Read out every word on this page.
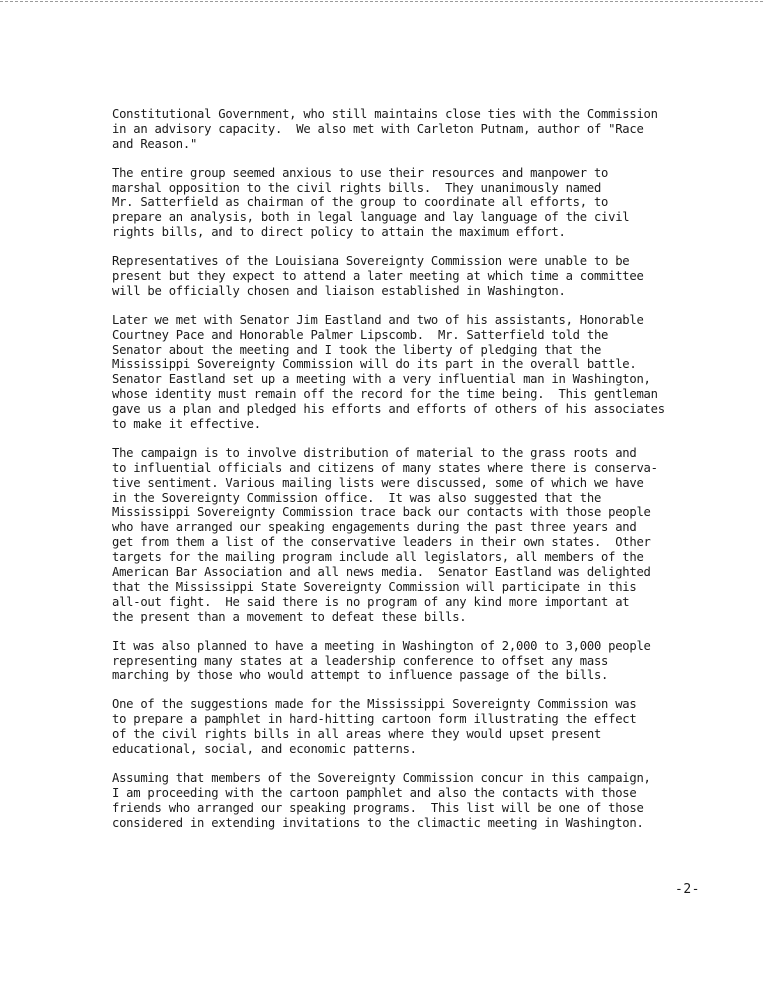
Constitutional Government, who still maintains close ties with the Commission
in an advisory capacity.  We also met with Carleton Putnam, author of "Race
and Reason."
The entire group seemed anxious to use their resources and manpower to
marshal opposition to the civil rights bills.  They unanimously named
Mr. Satterfield as chairman of the group to coordinate all efforts, to
prepare an analysis, both in legal language and lay language of the civil
rights bills, and to direct policy to attain the maximum effort.
Representatives of the Louisiana Sovereignty Commission were unable to be
present but they expect to attend a later meeting at which time a committee
will be officially chosen and liaison established in Washington.
Later we met with Senator Jim Eastland and two of his assistants, Honorable
Courtney Pace and Honorable Palmer Lipscomb.  Mr. Satterfield told the
Senator about the meeting and I took the liberty of pledging that the
Mississippi Sovereignty Commission will do its part in the overall battle.
Senator Eastland set up a meeting with a very influential man in Washington,
whose identity must remain off the record for the time being.  This gentleman
gave us a plan and pledged his efforts and efforts of others of his associates
to make it effective.
The campaign is to involve distribution of material to the grass roots and
to influential officials and citizens of many states where there is conserva-
tive sentiment. Various mailing lists were discussed, some of which we have
in the Sovereignty Commission office.  It was also suggested that the
Mississippi Sovereignty Commission trace back our contacts with those people
who have arranged our speaking engagements during the past three years and
get from them a list of the conservative leaders in their own states.  Other
targets for the mailing program include all legislators, all members of the
American Bar Association and all news media.  Senator Eastland was delighted
that the Mississippi State Sovereignty Commission will participate in this
all-out fight.  He said there is no program of any kind more important at
the present than a movement to defeat these bills.
It was also planned to have a meeting in Washington of 2,000 to 3,000 people
representing many states at a leadership conference to offset any mass
marching by those who would attempt to influence passage of the bills.
One of the suggestions made for the Mississippi Sovereignty Commission was
to prepare a pamphlet in hard-hitting cartoon form illustrating the effect
of the civil rights bills in all areas where they would upset present
educational, social, and economic patterns.
Assuming that members of the Sovereignty Commission concur in this campaign,
I am proceeding with the cartoon pamphlet and also the contacts with those
friends who arranged our speaking programs.  This list will be one of those
considered in extending invitations to the climactic meeting in Washington.
-2-
